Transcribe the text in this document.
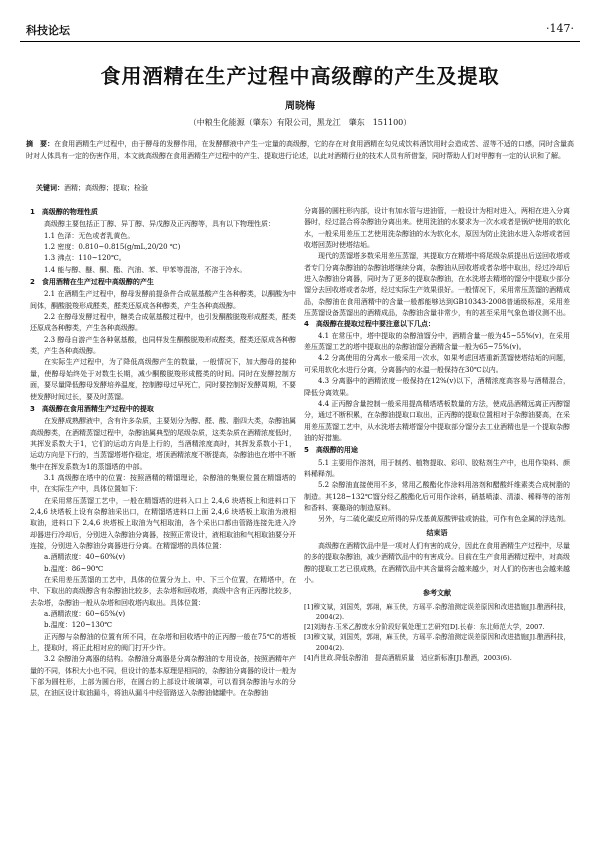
科技论坛	·147·
食用酒精在生产过程中高级醇的产生及提取
周晓梅
（中粮生化能源（肇东）有限公司，黑龙江　肇东　151100）
摘　要：在食用酒精生产过程中，由于酵母的发酵作用，在发酵醪液中产生一定量的高级醇，它的存在对食用酒精在勾兑成饮料酒饮用时会造成苦、涩等不适的口感，同时含量高时对人体具有一定的伤害作用，本文就高级醇在食用酒精生产过程中的产生、提取进行论述，以此对酒精行业的技术人员有所借鉴，同时帮助人们对甲醇有一定的认识和了解。
关键词：酒精；高级醇；提取；检验

1　高级醇的物理性质

高级醇主要包括正丁醇、异丁醇、异戊醇及正丙醇等，具有以下物理性质：

1.1 色泽：无色或者乳黄色。

1.2 密度：0.810~0.815(g/mL,20/20 ℃)

1.3 沸点：110~120℃。

1.4 能与醇、醚、酮、酯、汽油、苯、甲苯等混溶，不溶于冷水。

2　食用酒精在生产过程中高级醇的产生

2.1 在酒精生产过程中，醇母发酵前提条件合成氨基酸产生各种醇类，以酮酸为中间体，酮酸脱羧形成醛类，醛类还原成各种醇类，产生各种高级醇。

2.2 在醇母发酵过程中，糖类合成氨基酸过程中，也引发酮酸脱羧形成醛类，醛类还原成各种醇类，产生各种高级醇。

2.3 醇母自游产生各种氨基酸，也同样发生酮酸脱羧形成醛类，醛类还原成各种醇类，产生各种高级醇。

在实际生产过程中，为了降低高级醇产生的数量，一般情况下，加大醇母的接种量，使醇母始终处于对数生长期，减少酮酸脱羧形成醛类的时间。同时在发酵控制方面，要尽量降低醇母发酵培养温度，控制醇母过早死亡，同时要控制好发酵周期，不要使发酵时间过长，要及时蒸馏。

3　高级醇在食用酒精生产过程中的提取

在发酵成熟醪液中，含有许多杂质，主要划分为醇、醛、酸、脂四大类，杂醇油属高级醇类，在酒精蒸馏过程中，杂醇油属典型的尾级杂质，这类杂质在酒精浓度低时，其挥发系数大于1，它们的运动方向是上行的，当酒精浓度高时，其挥发系数小于1，运动方向是下行的，当蒸馏塔塔作稳定，塔顶酒精浓度不断提高，杂醇油也在塔中不断集中在挥发系数为1的蒸馏塔的中部。

3.1 高级醇在塔中的位置：按照酒精的精馏理论，杂醇油的集聚位置在精馏塔的中，在实际生产中，具体位置如下：

在采用常压蒸馏工艺中，一般在精馏塔的进料入口上 2,4,6 块塔板上和进料口下 2,4,6 块塔板上设有杂醇油采出口，在精馏塔进料口上面 2,4,6 块塔板上取油为液相取油，进料口下 2,4,6 块塔板上取油为气相取油，各个采出口都由管路连接先进入冷却器进行冷却后，分别进入杂醇油分离器，按照正常设计，液相取油和气相取油要分开连接，分别进入杂醇油分离器进行分离。在精馏塔的具体位置：

a.酒精浓度：40~60%(v)

b.温度：86~90℃

在采用差压蒸馏的工艺中，具体的位置分为上、中、下三个位置，在精塔中，在中、下取出的高级醇含有杂醇油比较多，去杂塔和回收塔，高级中含有正丙醇比较多，去杂塔，杂醇油一般从杂塔和回收塔内取出。具体位置：

a.酒精浓度：60~65%(v)

b.温度：120~130℃

正丙醇与杂醇油的位置有所不同，在杂塔和回收塔中的正丙醇一般在75℃的塔板上，提取时，将正此相对应的阀门打开少许。

3.2 杂醇油分离器的结构。杂醇油分离器是分离杂醇油的专用设备，按照酒精年产量的不同，体积大小也不同，但设计的基本原理是相同的，杂醇油分离器的设计一般为下部为圆柱形，上部为圆台形，在圆台的上部设计玻璃罩，可以看到杂醇油与水的分层，在油区设计取油漏斗，将油从漏斗中经管路送入杂醇油储罐中。在杂醇油

分离器的圆柱形内部，设计有加水管与进油管，一般设计为相对进入，两相在进入分离器时，经过混合将杂醇油分离出来。使用洗油的水要求为一次水或者是锅炉使用的软化水，一般采用差压工艺使用洗杂醇油的水为软化水，原因为防止洗油水进入杂塔或者回收塔回蒸时使塔结垢。

现代的蒸馏塔多数采用差压蒸馏，其提取方在精塔中将尾级杂质提出后送回收塔或者专门分离杂醇油的杂醇油塔继续分离，杂醇油从回收塔或者杂塔中取出，经过冷却后进入杂醇油分离器，同时为了更多的提取杂醇油，在水洗塔去精塔的馏分中提取少部分馏分去回收塔或者杂塔，经过实际生产效果很好。一般情况下，采用常压蒸馏的酒精成品，杂醇油在食用酒精中的含量一般都能够达到GB10343-2008普通级标准，采用差压蒸馏设备蒸馏出的酒精成品，杂醇油含量非常少，有的甚至采用气象色谱仪测不出。

4　高级醇在提取过程中要注意以下几点：

4.1 在常压中，塔中提取的杂醇油馏分中，酒精含量一般为45~55%(v)，在采用差压蒸馏工艺的塔中提取出的杂醇油馏分酒精含量一般为65~75%(v)。

4.2 分离使用的分离水一般采用一次水，如果考虑回塔重新蒸馏使塔结垢的问题，可采用软化水进行分离，分离器内的水温一般保持在30℃以内。

4.3 分离器中的酒精浓度一般保持在12%(v)以下，酒精浓度高容易与酒精混合，降低分离效果。

4.4 正丙醇含量控制一般采用提高精塔塔板数量的方法，使成品酒精远离正丙醇馏分，通过不断积累，在杂醇油提取口取出，正丙醇的提取位置相对于杂醇油要高，在采用差压蒸馏工艺中，从水洗塔去精塔馏分中提取部分馏分去工业酒精也是一个提取杂醇油的好措施。

5　高级醇的用途

5.1 主要用作溶剂，用于制药、植物提取、彩印、胶粘剂生产中，也用作染料、颜料稀释剂。

5.2 杂醇油直接使用不多，常用乙酸酯化作涂料用溶剂和醋酸纤维素类合成树脂的制造。其128~132℃馏分经乙酸酯化后可用作涂料，硝基喷漆、清漆、稀释等的溶剂和香料、赛璐珞的制造原料。

另外，与二硫化碳反应所得的异戊基黄原酸钾盐或钠盐，可作有色金属的浮选剂。

结束语

高级醇在酒精饮品中是一项对人们有害的成分，因此在食用酒精生产过程中，尽量的多的提取杂醇油，减少酒精饮品中的有害成分。目前在生产食用酒精过程中，对高级醇的提取工艺已很成熟，在酒精饮品中其含量将会越来越少，对人们的伤害也会越来越小。

参考文献

[1]穆文斌，刘国英，郭翊，麻玉侠，方瑶平.杂醇油测定误差原因和改进措施[J].酿酒科技，2004(2).

[2]刘海杏.玉米乙醇废水分阶段好氧处理工艺研究[D].长春：东北师范大学，2007.

[3]穆文斌，刘国英，郭翊，麻玉侠，方瑶平.杂醇油测定误差原因和改进措施[J].酿酒科技，2004(2).

[4]肖世政.降低杂醇油　提高酒精质量　适应新标准[J].酿酒，2003(6).
